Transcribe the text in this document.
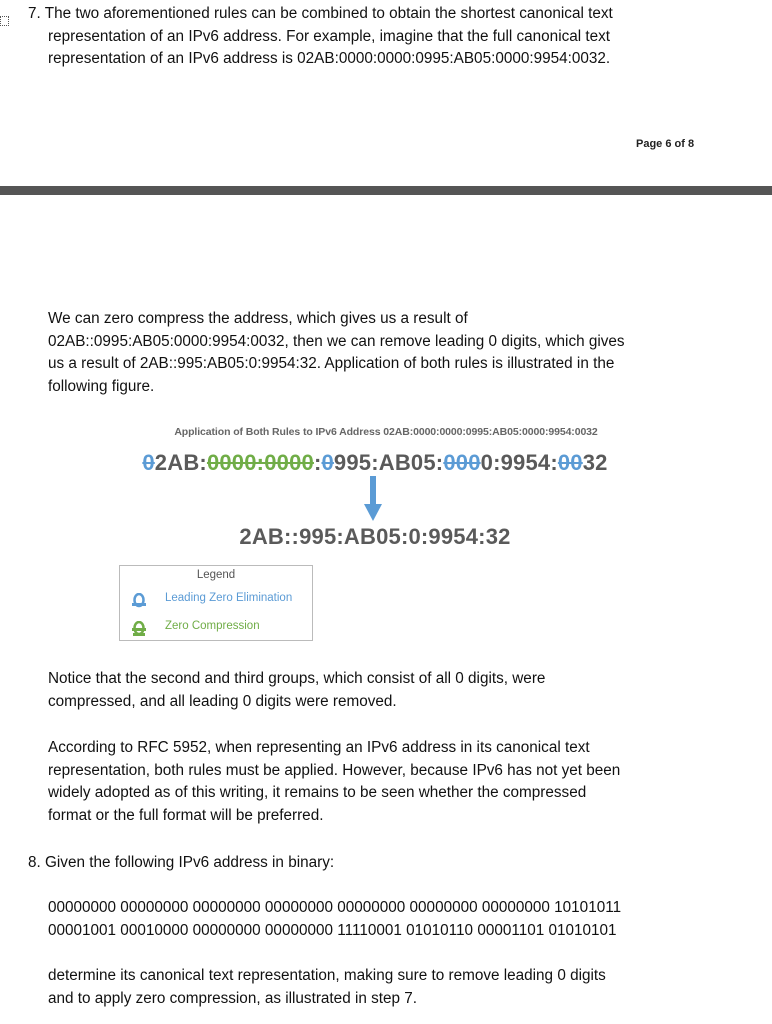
7. The two aforementioned rules can be combined to obtain the shortest canonical text
representation of an IPv6 address. For example, imagine that the full canonical text
representation of an IPv6 address is 02AB:0000:0000:0995:AB05:0000:9954:0032.
Page 6 of 8
We can zero compress the address, which gives us a result of
02AB::0995:AB05:0000:9954:0032, then we can remove leading 0 digits, which gives
us a result of 2AB::995:AB05:0:9954:32. Application of both rules is illustrated in the
following figure.
Application of Both Rules to IPv6 Address 02AB:0000:0000:0995:AB05:0000:9954:0032
02AB:0000:0000:0995:AB05:0000:9954:0032
2AB::995:AB05:0:9954:32
Legend
Leading Zero Elimination
Zero Compression
Notice that the second and third groups, which consist of all 0 digits, were
compressed, and all leading 0 digits were removed.
According to RFC 5952, when representing an IPv6 address in its canonical text
representation, both rules must be applied. However, because IPv6 has not yet been
widely adopted as of this writing, it remains to be seen whether the compressed
format or the full format will be preferred.
8. Given the following IPv6 address in binary:
00000000 00000000 00000000 00000000 00000000 00000000 00000000 10101011
00001001 00010000 00000000 00000000 11110001 01010110 00001101 01010101
determine its canonical text representation, making sure to remove leading 0 digits
and to apply zero compression, as illustrated in step 7.
